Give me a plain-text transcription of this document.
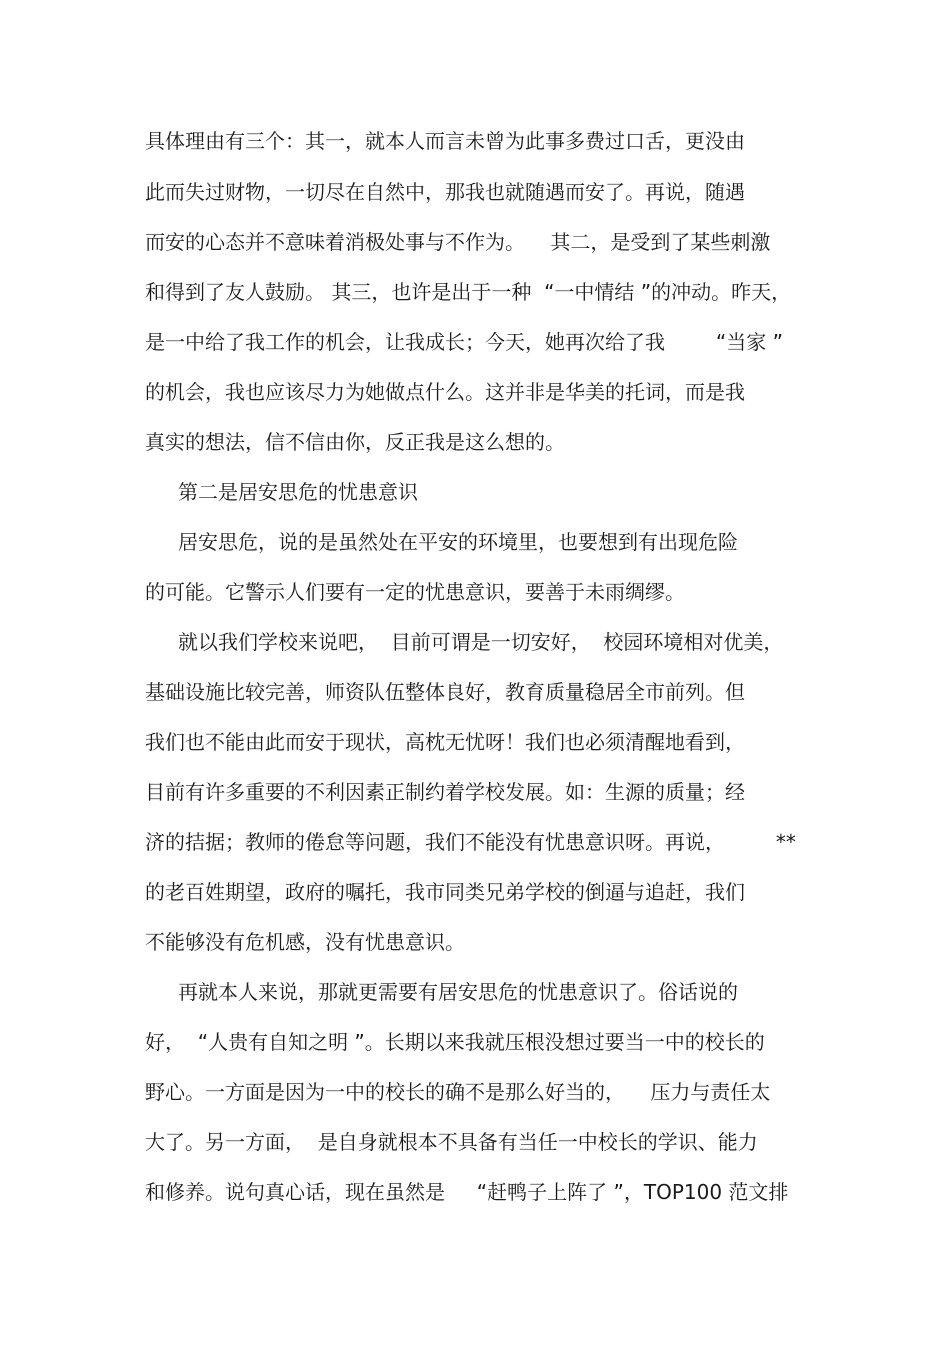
具体理由有三个：其一，就本人而言未曾为此事多费过口舌，更没由
此而失过财物，一切尽在自然中，那我也就随遇而安了。再说，随遇
而安的心态并不意味着消极处事与不作为。    其二，是受到了某些刺激
和得到了友人鼓励。 其三，也许是出于一种  “一中情结 ”的冲动。昨天，
是一中给了我工作的机会，让我成长；今天，她再次给了我        “当家 ”
的机会，我也应该尽力为她做点什么。这并非是华美的托词，而是我
真实的想法，信不信由你，反正我是这么想的。
第二是居安思危的忧患意识
居安思危，说的是虽然处在平安的环境里，也要想到有出现危险
的可能。它警示人们要有一定的忧患意识，要善于未雨绸缪。
就以我们学校来说吧，  目前可谓是一切安好，  校园环境相对优美，
基础设施比较完善，师资队伍整体良好，教育质量稳居全市前列。但
我们也不能由此而安于现状，高枕无忧呀！我们也必须清醒地看到，
目前有许多重要的不利因素正制约着学校发展。如：生源的质量；经
济的拮据；教师的倦怠等问题，我们不能没有忧患意识呀。再说，        **
的老百姓期望，政府的嘱托，我市同类兄弟学校的倒逼与追赶，我们
不能够没有危机感，没有忧患意识。
再就本人来说，那就更需要有居安思危的忧患意识了。俗话说的
好，  “人贵有自知之明 ”。长期以来我就压根没想过要当一中的校长的
野心。一方面是因为一中的校长的确不是那么好当的，    压力与责任太
大了。另一方面，  是自身就根本不具备有当任一中校长的学识、能力
和修养。说句真心话，现在虽然是     “赶鸭子上阵了 ”，TOP100 范文排
